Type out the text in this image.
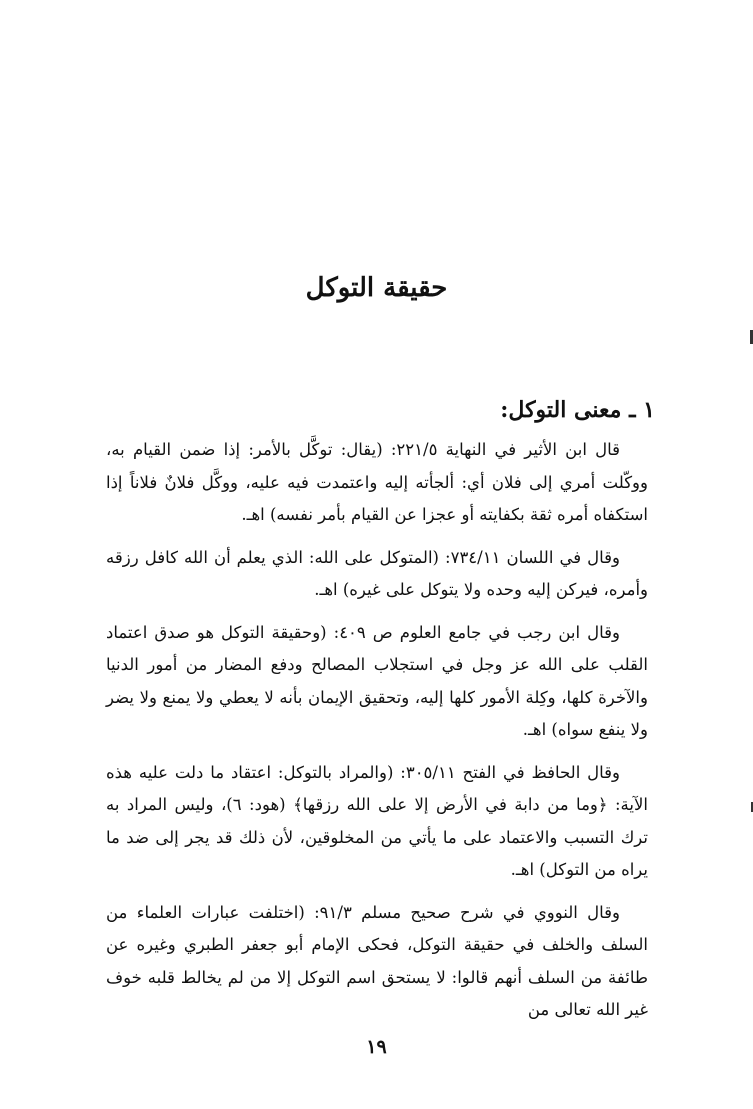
حقيقة التوكل
١ ـ معنى التوكل:

قال ابن الأثير في النهاية ٢٢١/٥: (يقال: توكَّل بالأمر: إذا ضمن القيام به، ووكّلت أمري إلى فلان أي: ألجأته إليه واعتمدت فيه عليه، ووكَّل فلانٌ فلاناً إذا استكفاه أمره ثقة بكفايته أو عجزا عن القيام بأمر نفسه) اهـ.

وقال في اللسان ٧٣٤/١١: (المتوكل على الله: الذي يعلم أن الله كافل رزقه وأمره، فيركن إليه وحده ولا يتوكل على غيره) اهـ.

وقال ابن رجب في جامع العلوم ص ٤٠٩: (وحقيقة التوكل هو صدق اعتماد القلب على الله عز وجل في استجلاب المصالح ودفع المضار من أمور الدنيا والآخرة كلها، وكِلة الأمور كلها إليه، وتحقيق الإيمان بأنه لا يعطي ولا يمنع ولا يضر ولا ينفع سواه) اهـ.

وقال الحافظ في الفتح ٣٠٥/١١: (والمراد بالتوكل: اعتقاد ما دلت عليه هذه الآية: ﴿وما من دابة في الأرض إلا على الله رزقها﴾ (هود: ٦)، وليس المراد به ترك التسبب والاعتماد على ما يأتي من المخلوقين، لأن ذلك قد يجر إلى ضد ما يراه من التوكل) اهـ.

وقال النووي في شرح صحيح مسلم ٩١/٣: (اختلفت عبارات العلماء من السلف والخلف في حقيقة التوكل، فحكى الإمام أبو جعفر الطبري وغيره عن طائفة من السلف أنهم قالوا: لا يستحق اسم التوكل إلا من لم يخالط قلبه خوف غير الله تعالى من

١٩
